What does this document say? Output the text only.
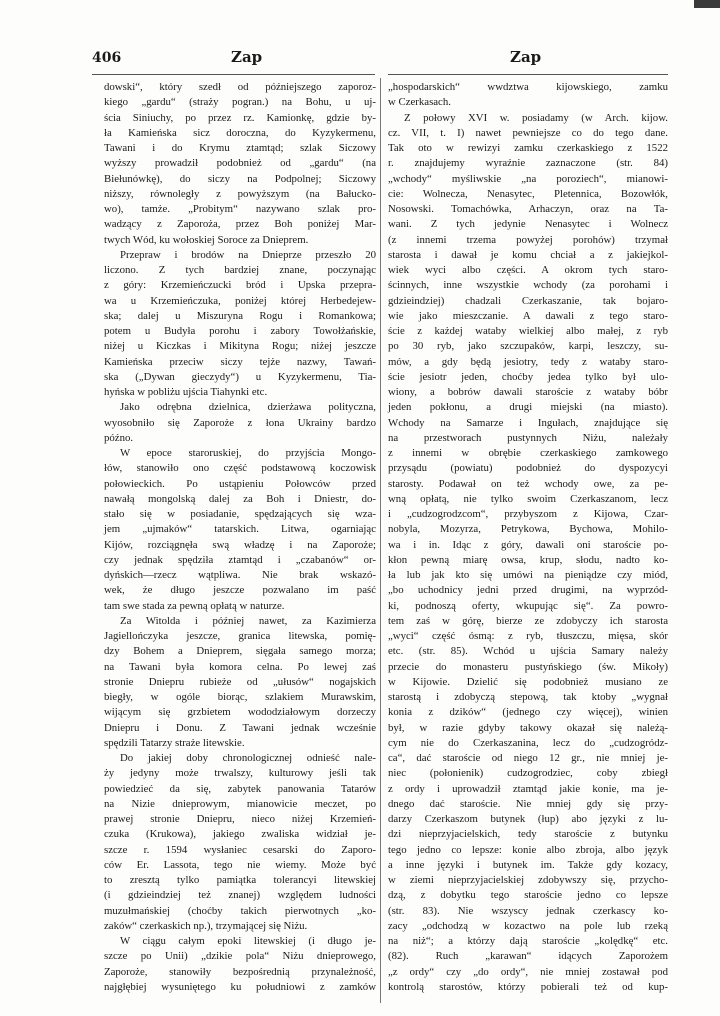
406	Zap	Zap
dowski“, który szedł od późniejszego zaporoz-
kiego „gardu“ (straży pogran.) na Bohu, u uj-
ścia Siniuchy, po przez rz. Kamionkę, gdzie by-
ła Kamieńska sicz doroczna, do Kyzykermenu,
Tawani i do Krymu ztamtąd; szlak Siczowy
wyższy prowadził podobnież od „gardu“ (na
Biełunówkę), do siczy na Podpolnej; Siczowy
niższy, równoległy z powyższym (na Bałucko-
wo), tamże. „Probitym“ nazywano szlak pro-
wadzący z Zaporoża, przez Boh poniżej Mar-
twych Wód, ku wołoskiej Soroce za Dnieprem.
Przepraw i brodów na Dnieprze przeszło 20
liczono. Z tych bardziej znane, poczynając
z góry: Krzemieńczucki bród i Upska przepra-
wa u Krzemieńczuka, poniżej której Herbedejew-
ska; dalej u Miszuryna Rogu i Romankowa;
potem u Budyła porohu i zabory Towołżańskie,
niżej u Kiczkas i Mikityna Rogu; niżej jeszcze
Kamieńska przeciw siczy tejże nazwy, Tawań-
ska („Dywan gieczydy“) u Kyzykermenu, Tia-
hyńska w pobliżu ujścia Tiahynki etc.
Jako odrębna dzielnica, dzierżawa polityczna,
wyosobniło się Zaporoże z łona Ukrainy bardzo
późno.
W epoce staroruskiej, do przyjścia Mongo-
łów, stanowiło ono część podstawową koczowisk
połowieckich. Po ustąpieniu Połowców przed
nawałą mongolską dalej za Boh i Dniestr, do-
stało się w posiadanie, spędzających się wza-
jem „ujmaków“ tatarskich. Litwa, ogarniając
Kijów, rozciągnęła swą władzę i na Zaporoże;
czy jednak spędziła ztamtąd i „czabanów“ or-
dyńskich—rzecz wątpliwa. Nie brak wskazó-
wek, że długo jeszcze pozwalano im paść
tam swe stada za pewną opłatą w naturze.
Za Witolda i później nawet, za Kazimierza
Jagiellończyka jeszcze, granica litewska, pomię-
dzy Bohem a Dnieprem, sięgała samego morza;
na Tawani była komora celna. Po lewej zaś
stronie Dniepru rubieże od „ułusów“ nogajskich
biegły, w ogóle biorąc, szlakiem Murawskim,
wijącym się grzbietem wododziałowym dorzeczy
Dniepru i Donu. Z Tawani jednak wcześnie
spędzili Tatarzy straże litewskie.
Do jakiej doby chronologicznej odnieść nale-
ży jedyny może trwalszy, kulturowy jeśli tak
powiedzieć da się, zabytek panowania Tatarów
na Nizie dnieprowym, mianowicie meczet, po
prawej stronie Dniepru, nieco niżej Krzemień-
czuka (Krukowa), jakiego zwaliska widział je-
szcze r. 1594 wysłaniec cesarski do Zaporo-
ców Er. Lassota, tego nie wiemy. Może być
to zresztą tylko pamiątka tolerancyi litewskiej
(i gdzieindziej też znanej) względem ludności
muzułmańskiej (choćby takich pierwotnych „ko-
zaków“ czerkaskich np.), trzymającej się Niżu.
W ciągu całym epoki litewskiej (i długo je-
szcze po Unii) „dzikie pola“ Niżu dnieprowego,
Zaporoże, stanowiły bezpośrednią przynależność,
najgłębiej wysuniętego ku południowi z zamków
„hospodarskich“ wwdztwa kijowskiego, zamku
w Czerkasach.
Z połowy XVI w. posiadamy (w Arch. kijow.
cz. VII, t. I) nawet pewniejsze co do tego dane.
Tak oto w rewizyi zamku czerkaskiego z 1522
r. znajdujemy wyraźnie zaznaczone (str. 84)
„wchody“ myśliwskie „na poroziech“, mianowi-
cie: Wolnecza, Nenasytec, Pletennica, Bozowłók,
Nosowski. Tomachówka, Arhaczyn, oraz na Ta-
wani. Z tych jedynie Nenasytec i Wolnecz
(z innemi trzema powyżej porohów) trzymał
starosta i dawał je komu chciał a z jakiejkol-
wiek wyci albo części. A okrom tych staro-
ścinnych, inne wszystkie wchody (za porohami i
gdzieindziej) chadzali Czerkaszanie, tak bojaro-
wie jako mieszczanie. A dawali z tego staro-
ście z każdej wataby wielkiej albo małej, z ryb
po 30 ryb, jako szczupaków, karpi, leszczy, su-
mów, a gdy będą jesiotry, tedy z wataby staro-
ście jesiotr jeden, choćby jedea tylko był ulo-
wiony, a bobrów dawali staroście z wataby bóbr
jeden pokłonu, a drugi miejski (na miasto).
Wchody na Samarze i Ingułach, znajdujące się
na przestworach pustynnych Niżu, należały
z innemi w obrębie czerkaskiego zamkowego
przysądu (powiatu) podobnież do dyspozycyi
starosty. Podawał on też wchody owe, za pe-
wną opłatą, nie tylko swoim Czerkaszanom, lecz
i „cudzogrodzcom“, przybyszom z Kijowa, Czar-
nobyla, Mozyrza, Petrykowa, Bychowa, Mohilo-
wa i in. Idąc z góry, dawali oni staroście po-
kłon pewną miarę owsa, krup, słodu, nadto ko-
ła lub jak kto się umówi na pieniądze czy miód,
„bo uchodnicy jedni przed drugimi, na wyprzód-
ki, podnoszą oferty, wkupując się“. Za powro-
tem zaś w górę, bierze ze zdobyczy ich starosta
„wyci“ część ósmą: z ryb, tłuszczu, mięsa, skór
etc. (str. 85). Wchód u ujścia Samary należy
przecie do monasteru pustyńskiego (św. Mikoły)
w Kijowie. Dzielić się podobnież musiano ze
starostą i zdobyczą stepową, tak ktoby „wygnał
konia z dzików“ (jednego czy więcej), winien
był, w razie gdyby takowy okazał się należą-
cym nie do Czerkaszanina, lecz do „cudzogródz-
ca“, dać staroście od niego 12 gr., nie mniej je-
niec (połonienik) cudzogrodziec, coby zbiegł
z ordy i uprowadził ztamtąd jakie konie, ma je-
dnego dać staroście. Nie mniej gdy się przy-
darzy Czerkaszom butynek (łup) abo języki z lu-
dzi nieprzyjacielskich, tedy staroście z butynku
tego jedno co lepsze: konie albo zbroja, albo język
a inne języki i butynek im. Także gdy kozacy,
w ziemi nieprzyjacielskiej zdobywszy się, przycho-
dzą, z dobytku tego staroście jedno co lepsze
(str. 83). Nie wszyscy jednak czerkascy ko-
zacy „odchodzą w kozactwo na pole lub rzeką
na niż“; a którzy dają staroście „kolędkę“ etc.
(82). Ruch „karawan“ idących Zaporożem
„z ordy“ czy „do ordy“, nie mniej zostawał pod
kontrolą starostów, którzy pobierali też od kup-
